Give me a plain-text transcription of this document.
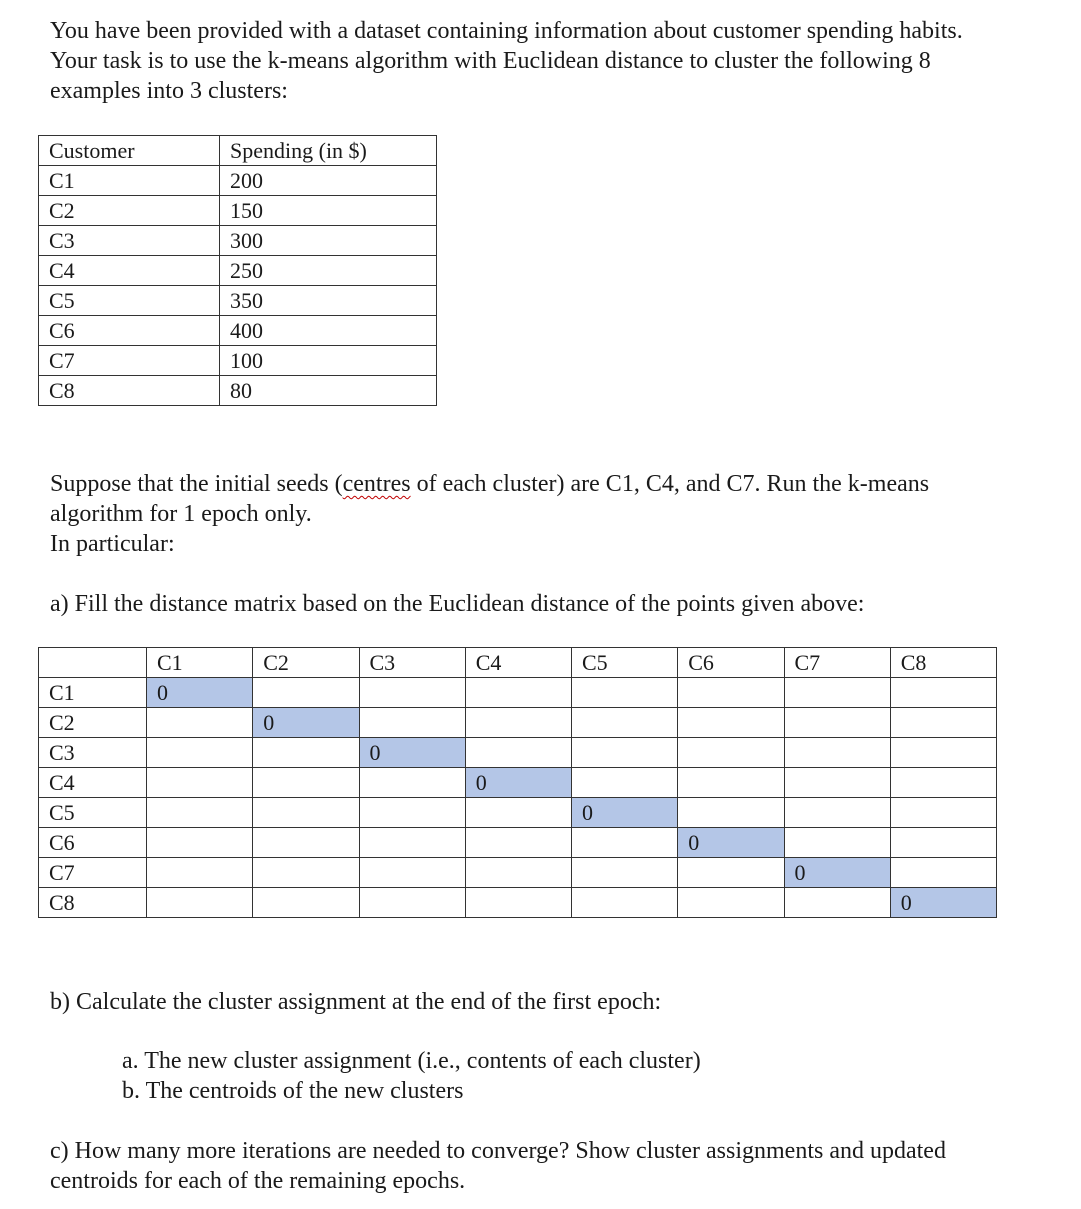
You have been provided with a dataset containing information about customer spending habits. Your task is to use the k-means algorithm with Euclidean distance to cluster the following 8 examples into 3 clusters:

Customer	Spending (in $)
C1	200
C2	150
C3	300
C4	250
C5	350
C6	400
C7	100
C8	80

Suppose that the initial seeds (centres of each cluster) are C1, C4, and C7. Run the k-means algorithm for 1 epoch only.
In particular:

a) Fill the distance matrix based on the Euclidean distance of the points given above:

	C1	C2	C3	C4	C5	C6	C7	C8
C1	0							
C2		0						
C3			0					
C4				0				
C5					0			
C6						0		
C7							0	
C8								0

b) Calculate the cluster assignment at the end of the first epoch:

a. The new cluster assignment (i.e., contents of each cluster)
b. The centroids of the new clusters

c) How many more iterations are needed to converge? Show cluster assignments and updated centroids for each of the remaining epochs.
